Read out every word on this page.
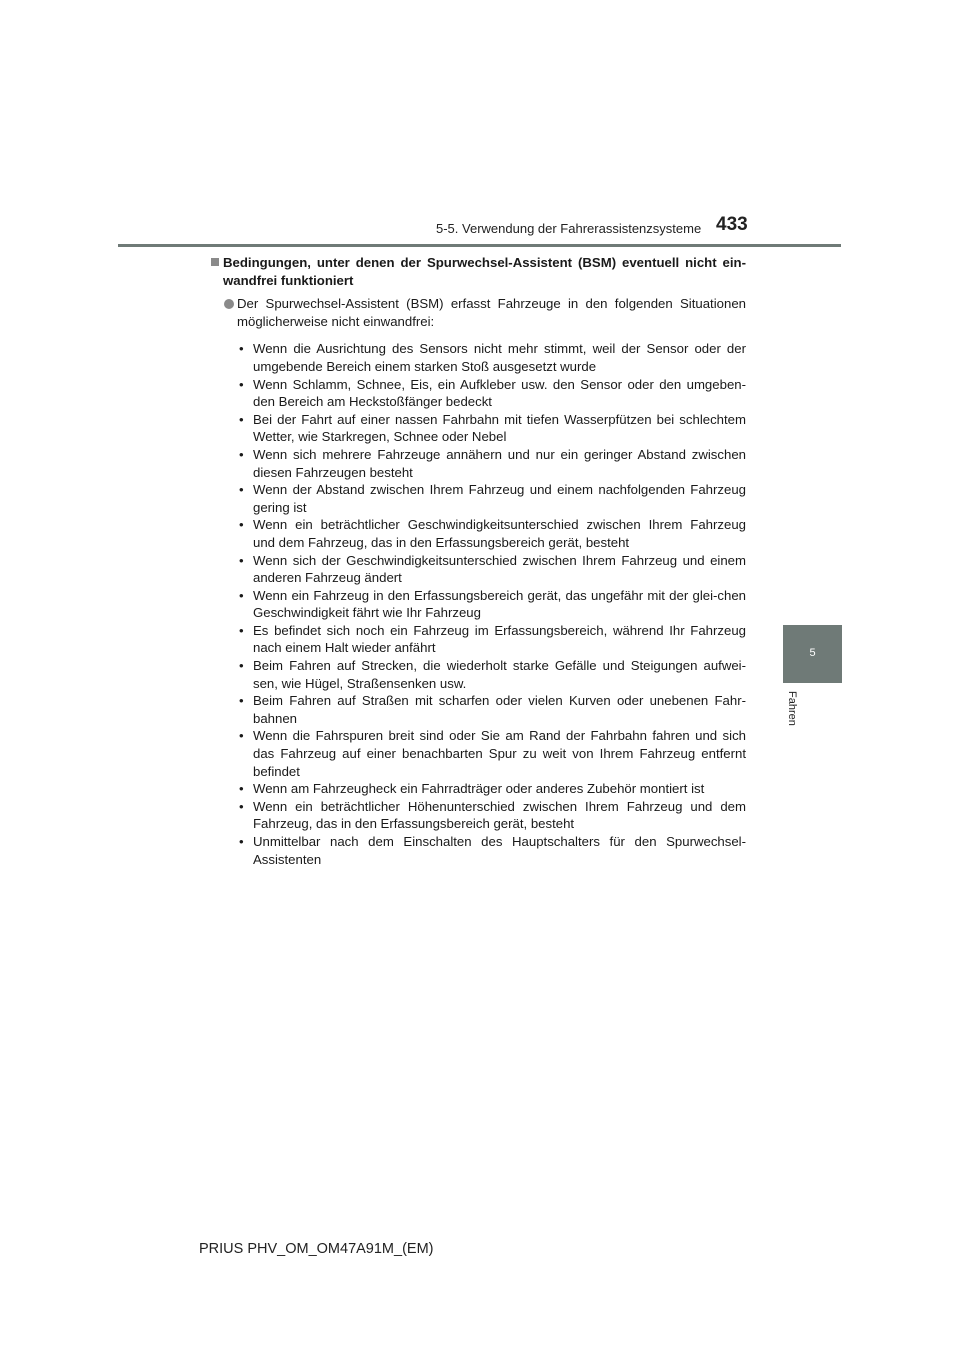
5-5. Verwendung der Fahrerassistenzsysteme 433
5
Fahren
Bedingungen, unter denen der Spurwechsel-Assistent (BSM) eventuell nicht ein-wandfrei funktioniert
Der Spurwechsel-Assistent (BSM) erfasst Fahrzeuge in den folgenden Situationen möglicherweise nicht einwandfrei:
• Wenn die Ausrichtung des Sensors nicht mehr stimmt, weil der Sensor oder der umgebende Bereich einem starken Stoß ausgesetzt wurde
• Wenn Schlamm, Schnee, Eis, ein Aufkleber usw. den Sensor oder den umgeben-den Bereich am Heckstoßfänger bedeckt
• Bei der Fahrt auf einer nassen Fahrbahn mit tiefen Wasserpfützen bei schlechtem Wetter, wie Starkregen, Schnee oder Nebel
• Wenn sich mehrere Fahrzeuge annähern und nur ein geringer Abstand zwischen diesen Fahrzeugen besteht
• Wenn der Abstand zwischen Ihrem Fahrzeug und einem nachfolgenden Fahrzeug gering ist
• Wenn ein beträchtlicher Geschwindigkeitsunterschied zwischen Ihrem Fahrzeug und dem Fahrzeug, das in den Erfassungsbereich gerät, besteht
• Wenn sich der Geschwindigkeitsunterschied zwischen Ihrem Fahrzeug und einem anderen Fahrzeug ändert
• Wenn ein Fahrzeug in den Erfassungsbereich gerät, das ungefähr mit der glei-chen Geschwindigkeit fährt wie Ihr Fahrzeug
• Es befindet sich noch ein Fahrzeug im Erfassungsbereich, während Ihr Fahrzeug nach einem Halt wieder anfährt
• Beim Fahren auf Strecken, die wiederholt starke Gefälle und Steigungen aufwei-sen, wie Hügel, Straßensenken usw.
• Beim Fahren auf Straßen mit scharfen oder vielen Kurven oder unebenen Fahr-bahnen
• Wenn die Fahrspuren breit sind oder Sie am Rand der Fahrbahn fahren und sich das Fahrzeug auf einer benachbarten Spur zu weit von Ihrem Fahrzeug entfernt befindet
• Wenn am Fahrzeugheck ein Fahrradträger oder anderes Zubehör montiert ist
• Wenn ein beträchtlicher Höhenunterschied zwischen Ihrem Fahrzeug und dem Fahrzeug, das in den Erfassungsbereich gerät, besteht
• Unmittelbar nach dem Einschalten des Hauptschalters für den Spurwechsel-Assistenten
PRIUS PHV_OM_OM47A91M_(EM)
